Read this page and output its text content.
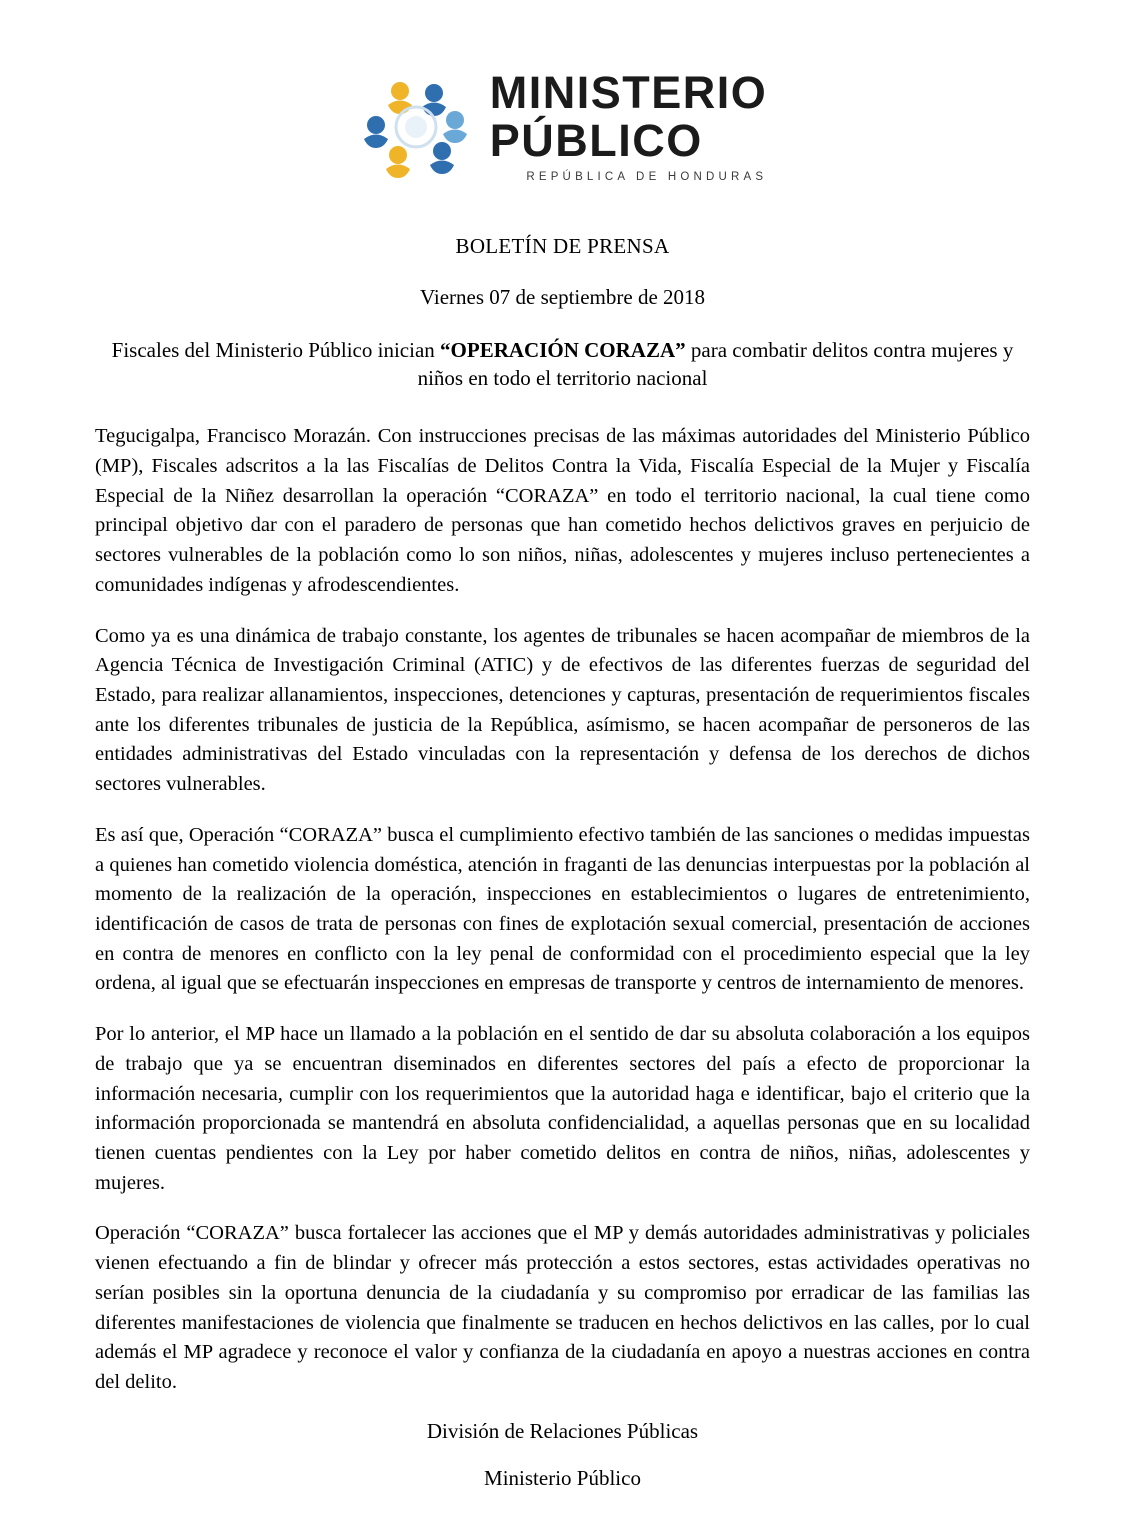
MINISTERIO
PÚBLICO
REPÚBLICA DE HONDURAS
BOLETÍN DE PRENSA
Viernes 07 de septiembre de 2018
Fiscales del Ministerio Público inician “OPERACIÓN CORAZA” para combatir delitos contra mujeres y niños en todo el territorio nacional

Tegucigalpa, Francisco Morazán. Con instrucciones precisas de las máximas autoridades del Ministerio Público (MP), Fiscales adscritos a la las Fiscalías de Delitos Contra la Vida, Fiscalía Especial de la Mujer y Fiscalía Especial de la Niñez desarrollan la operación “CORAZA” en todo el territorio nacional, la cual tiene como principal objetivo dar con el paradero de personas que han cometido hechos delictivos graves en perjuicio de sectores vulnerables de la población como lo son niños, niñas, adolescentes y mujeres incluso pertenecientes a comunidades indígenas y afrodescendientes.

Como ya es una dinámica de trabajo constante, los agentes de tribunales se hacen acompañar de miembros de la Agencia Técnica de Investigación Criminal (ATIC) y de efectivos de las diferentes fuerzas de seguridad del Estado, para realizar allanamientos, inspecciones, detenciones y capturas, presentación de requerimientos fiscales ante los diferentes tribunales de justicia de la República, asímismo, se hacen acompañar de personeros de las entidades administrativas del Estado vinculadas con la representación y defensa de los derechos de dichos sectores vulnerables.

Es así que, Operación “CORAZA” busca el cumplimiento efectivo también de las sanciones o medidas impuestas a quienes han cometido violencia doméstica, atención in fraganti de las denuncias interpuestas por la población al momento de la realización de la operación, inspecciones en establecimientos o lugares de entretenimiento, identificación de casos de trata de personas con fines de explotación sexual comercial, presentación de acciones en contra de menores en conflicto con la ley penal de conformidad con el procedimiento especial que la ley ordena, al igual que se efectuarán inspecciones en empresas de transporte y centros de internamiento de menores.

Por lo anterior, el MP hace un llamado a la población en el sentido de dar su absoluta colaboración a los equipos de trabajo que ya se encuentran diseminados en diferentes sectores del país a efecto de proporcionar la información necesaria, cumplir con los requerimientos que la autoridad haga e identificar, bajo el criterio que la información proporcionada se mantendrá en absoluta confidencialidad, a aquellas personas que en su localidad tienen cuentas pendientes con la Ley por haber cometido delitos en contra de niños, niñas, adolescentes y mujeres.

Operación “CORAZA” busca fortalecer las acciones que el MP y demás autoridades administrativas y policiales vienen efectuando a fin de blindar y ofrecer más protección a estos sectores, estas actividades operativas no serían posibles sin la oportuna denuncia de la ciudadanía y su compromiso por erradicar de las familias las diferentes manifestaciones de violencia que finalmente se traducen en hechos delictivos en las calles, por lo cual además el MP agradece y reconoce el valor y confianza de la ciudadanía en apoyo a nuestras acciones en contra del delito.

División de Relaciones Públicas
Ministerio Público
